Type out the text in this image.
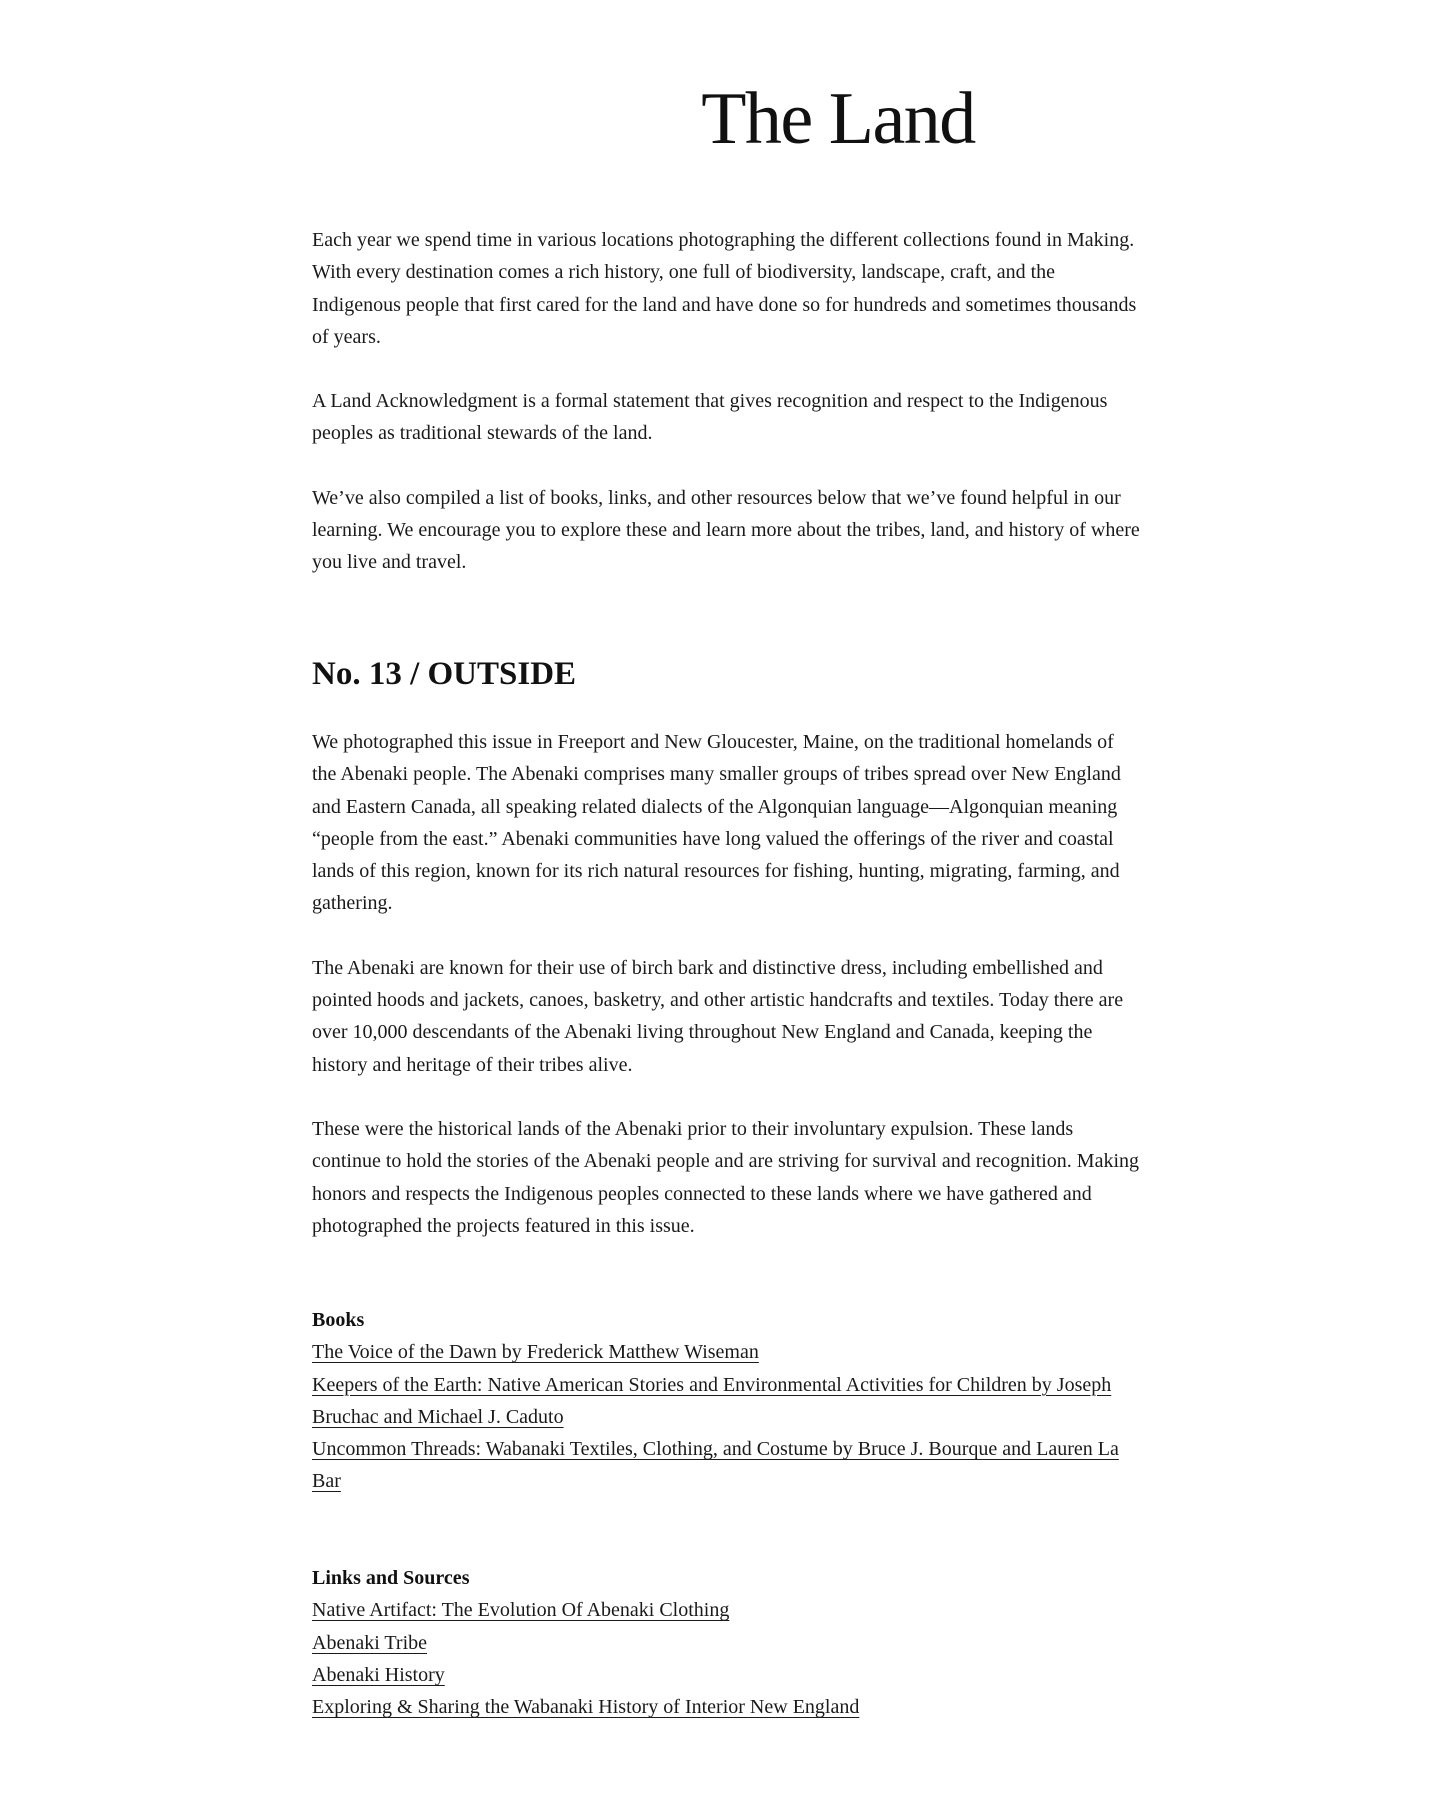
The Land

Each year we spend time in various locations photographing the different collections found in Making. With every destination comes a rich history, one full of biodiversity, landscape, craft, and the Indigenous people that first cared for the land and have done so for hundreds and sometimes thousands of years.

A Land Acknowledgment is a formal statement that gives recognition and respect to the Indigenous peoples as traditional stewards of the land.

We’ve also compiled a list of books, links, and other resources below that we’ve found helpful in our learning. We encourage you to explore these and learn more about the tribes, land, and history of where you live and travel.

No. 13 / OUTSIDE

We photographed this issue in Freeport and New Gloucester, Maine, on the traditional homelands of the Abenaki people. The Abenaki comprises many smaller groups of tribes spread over New England and Eastern Canada, all speaking related dialects of the Algonquian language—Algonquian meaning “people from the east.” Abenaki communities have long valued the offerings of the river and coastal lands of this region, known for its rich natural resources for fishing, hunting, migrating, farming, and gathering.

The Abenaki are known for their use of birch bark and distinctive dress, including embellished and pointed hoods and jackets, canoes, basketry, and other artistic handcrafts and textiles. Today there are over 10,000 descendants of the Abenaki living throughout New England and Canada, keeping the history and heritage of their tribes alive.

These were the historical lands of the Abenaki prior to their involuntary expulsion. These lands continue to hold the stories of the Abenaki people and are striving for survival and recognition. Making honors and respects the Indigenous peoples connected to these lands where we have gathered and photographed the projects featured in this issue.

Books
The Voice of the Dawn by Frederick Matthew Wiseman
Keepers of the Earth: Native American Stories and Environmental Activities for Children by Joseph Bruchac and Michael J. Caduto
Uncommon Threads: Wabanaki Textiles, Clothing, and Costume by Bruce J. Bourque and Lauren La Bar
Links and Sources
Native Artifact: The Evolution Of Abenaki Clothing
Abenaki Tribe
Abenaki History
Exploring & Sharing the Wabanaki History of Interior New England
